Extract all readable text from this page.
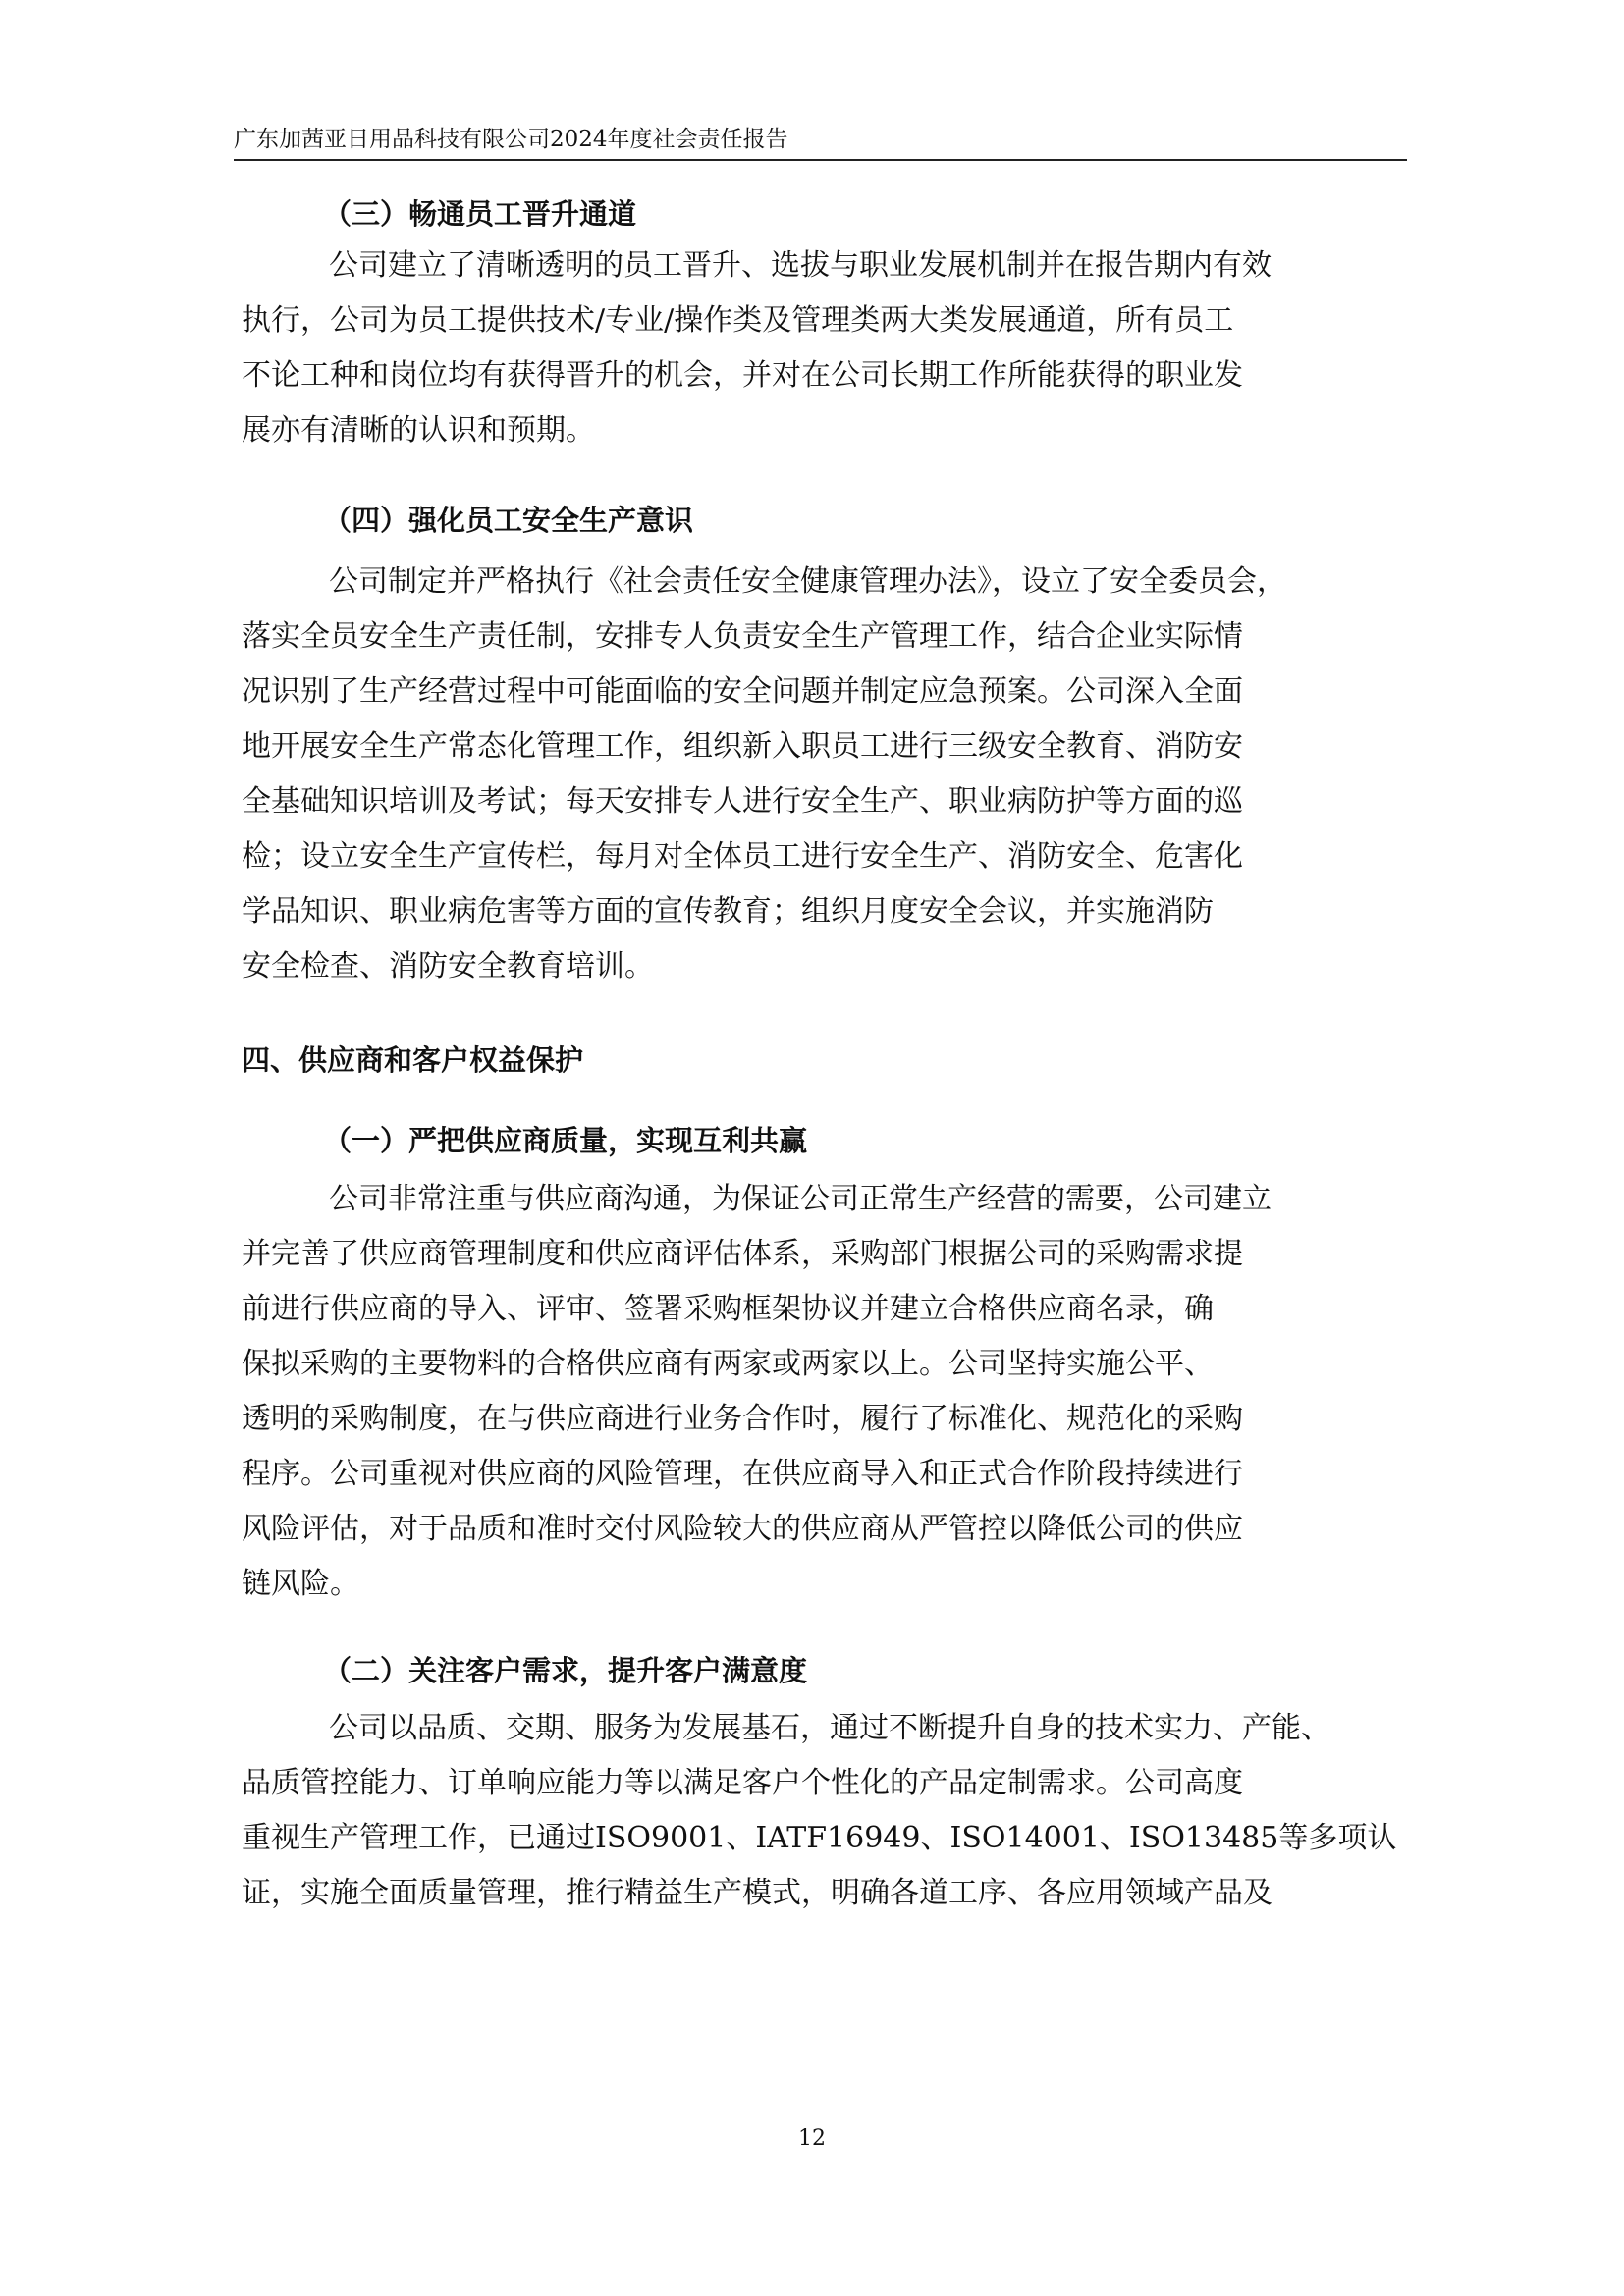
广东加茜亚日用品科技有限公司2024年度社会责任报告
（三）畅通员工晋升通道
公司建立了清晰透明的员工晋升、选拔与职业发展机制并在报告期内有效
执行，公司为员工提供技术/专业/操作类及管理类两大类发展通道，所有员工
不论工种和岗位均有获得晋升的机会，并对在公司长期工作所能获得的职业发
展亦有清晰的认识和预期。
（四）强化员工安全生产意识
公司制定并严格执行《社会责任安全健康管理办法》，设立了安全委员会，
落实全员安全生产责任制，安排专人负责安全生产管理工作，结合企业实际情
况识别了生产经营过程中可能面临的安全问题并制定应急预案。公司深入全面
地开展安全生产常态化管理工作，组织新入职员工进行三级安全教育、消防安
全基础知识培训及考试；每天安排专人进行安全生产、职业病防护等方面的巡
检；设立安全生产宣传栏，每月对全体员工进行安全生产、消防安全、危害化
学品知识、职业病危害等方面的宣传教育；组织月度安全会议，并实施消防
安全检查、消防安全教育培训。
四、供应商和客户权益保护
（一）严把供应商质量，实现互利共赢
公司非常注重与供应商沟通，为保证公司正常生产经营的需要，公司建立
并完善了供应商管理制度和供应商评估体系，采购部门根据公司的采购需求提
前进行供应商的导入、评审、签署采购框架协议并建立合格供应商名录，确
保拟采购的主要物料的合格供应商有两家或两家以上。公司坚持实施公平、
透明的采购制度，在与供应商进行业务合作时，履行了标准化、规范化的采购
程序。公司重视对供应商的风险管理，在供应商导入和正式合作阶段持续进行
风险评估，对于品质和准时交付风险较大的供应商从严管控以降低公司的供应
链风险。
（二）关注客户需求，提升客户满意度
公司以品质、交期、服务为发展基石，通过不断提升自身的技术实力、产能、
品质管控能力、订单响应能力等以满足客户个性化的产品定制需求。公司高度
重视生产管理工作，已通过ISO9001、IATF16949、ISO14001、ISO13485等多项认
证，实施全面质量管理，推行精益生产模式，明确各道工序、各应用领域产品及
12
